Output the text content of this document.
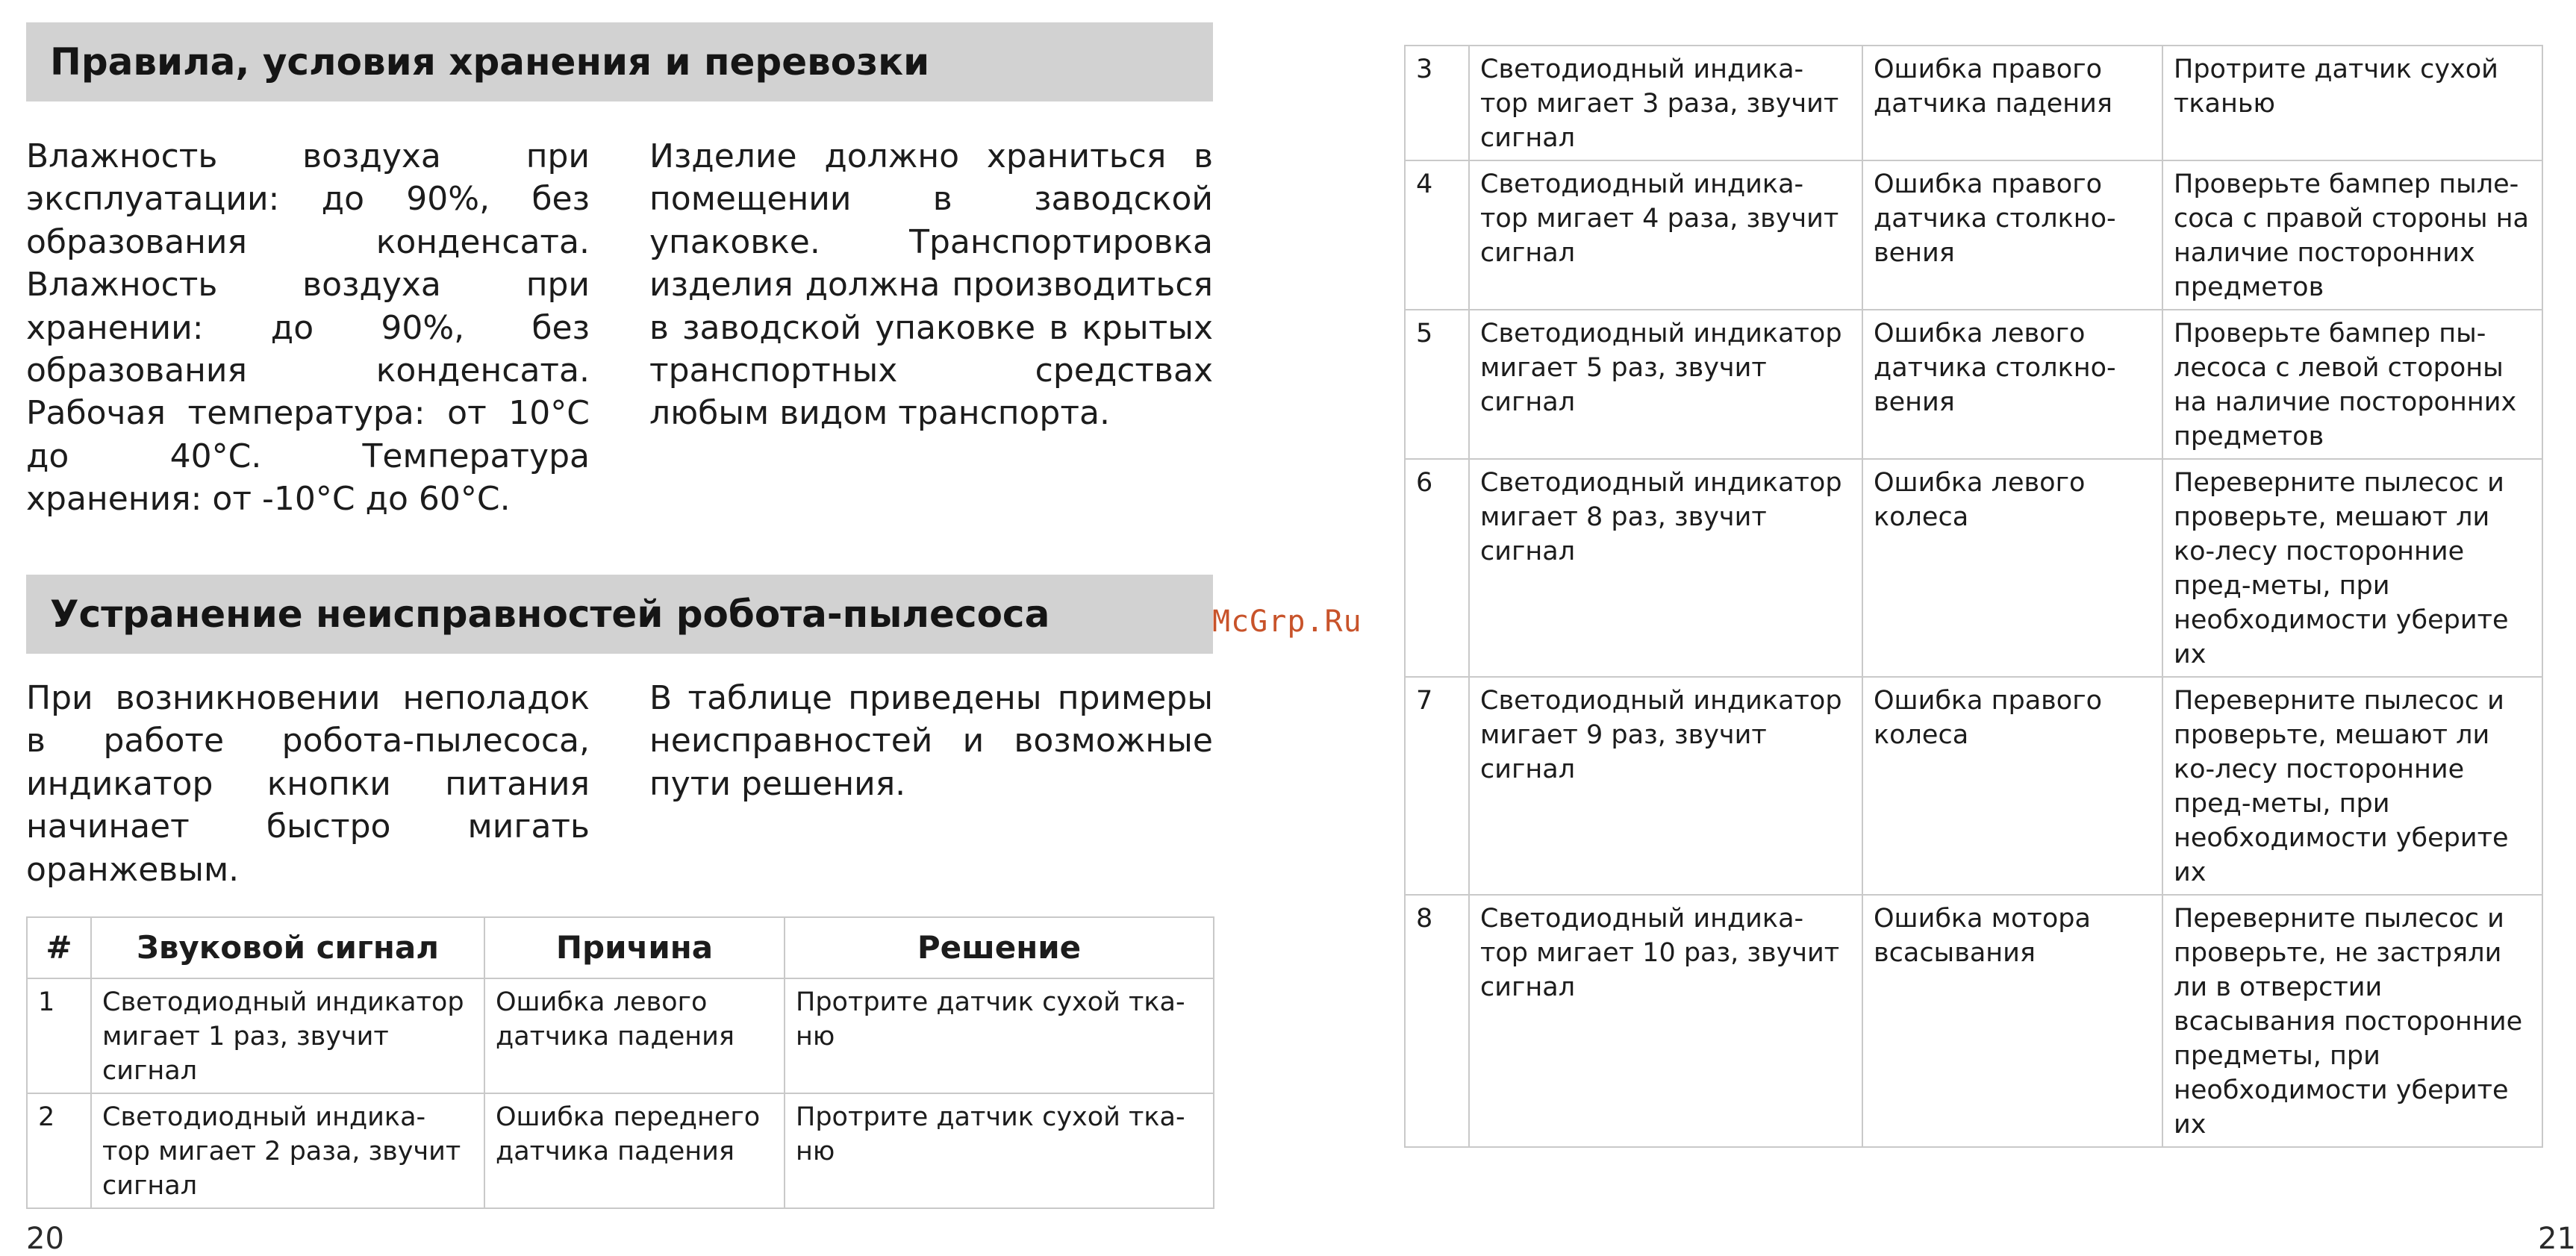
Правила, условия хранения и перевозки

Влажность воздуха при эксплуатации: до 90%, без образования конденсата. Влажность воздуха при хранении: до 90%, без образования конденсата. Рабочая температура: от 10°С до 40°С. Температура хранения: от -10°С до 60°С.

Изделие должно храниться в помещении в заводской упаковке. Транспортировка изделия должна производиться в заводской упаковке в крытых транспортных средствах любым видом транспорта.

Устранение неисправностей робота-пылесоса

При возникновении неполадок в работе робота-пылесоса, индикатор кнопки питания начинает быстро мигать оранжевым.

В таблице приведены примеры неисправностей и возможные пути решения.

#	Звуковой сигнал	Причина	Решение
1	Светодиодный индикатор мигает 1 раз, звучит сигнал	Ошибка левого датчика падения	Протрите датчик сухой тка-ню
2	Светодиодный индика-тор мигает 2 раза, звучит сигнал	Ошибка переднего датчика падения	Протрите датчик сухой тка-ню
20
McGrp.Ru
3	Светодиодный индика-тор мигает 3 раза, звучит сигнал	Ошибка правого датчика падения	Протрите датчик сухой тканью
4	Светодиодный индика-тор мигает 4 раза, звучит сигнал	Ошибка правого датчика столкно-вения	Проверьте бампер пыле-соса с правой стороны на наличие посторонних предметов
5	Светодиодный индикатор мигает 5 раз, звучит сигнал	Ошибка левого датчика столкно-вения	Проверьте бампер пы-лесоса с левой стороны на наличие посторонних предметов
6	Светодиодный индикатор мигает 8 раз, звучит сигнал	Ошибка левого колеса	Переверните пылесос и проверьте, мешают ли ко-лесу посторонние пред-меты, при необходимости уберите их
7	Светодиодный индикатор мигает 9 раз, звучит сигнал	Ошибка правого колеса	Переверните пылесос и проверьте, мешают ли ко-лесу посторонние пред-меты, при необходимости уберите их
8	Светодиодный индика-тор мигает 10 раз, звучит сигнал	Ошибка мотора всасывания	Переверните пылесос и проверьте, не застряли ли в отверстии всасывания посторонние предметы, при необходимости уберите их
21
